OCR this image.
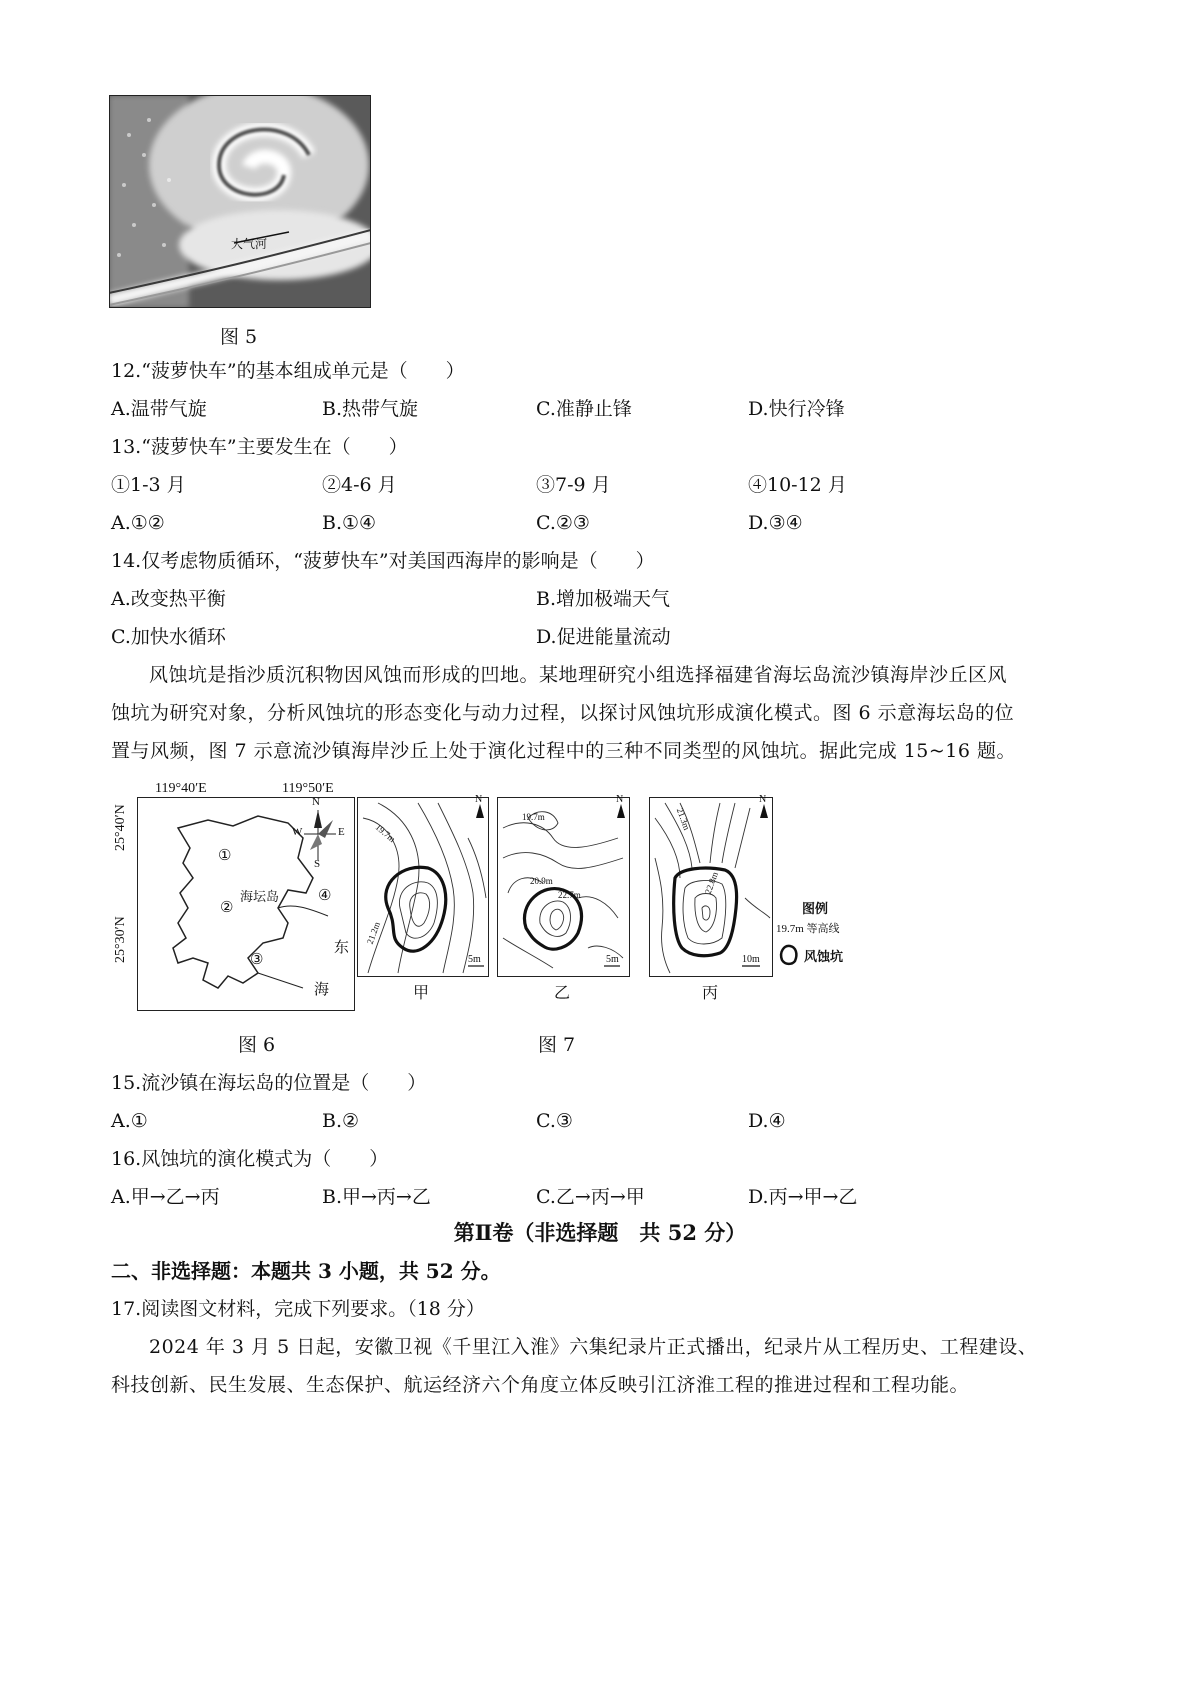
大气河
图 5
12.“菠萝快车”的基本组成单元是（　　）
A.温带气旋	B.热带气旋	C.准静止锋	D.快行冷锋
13.“菠萝快车”主要发生在（　　）
①1-3 月	②4-6 月	③7-9 月	④10-12 月
A.①②	B.①④	C.②③	D.③④
14.仅考虑物质循环，“菠萝快车”对美国西海岸的影响是（　　）
A.改变热平衡	B.增加极端天气
C.加快水循环	D.促进能量流动
风蚀坑是指沙质沉积物因风蚀而形成的凹地。某地理研究小组选择福建省海坛岛流沙镇海岸沙丘区风
蚀坑为研究对象，分析风蚀坑的形态变化与动力过程，以探讨风蚀坑形成演化模式。图 6 示意海坛岛的位
置与风频，图 7 示意流沙镇海岸沙丘上处于演化过程中的三种不同类型的风蚀坑。据此完成 15~16 题。
N
W	E
S
①
②
海坛岛	④
③
东
海
119°40′E	119°50′E
25°40′N
25°30′N
图 6
N
19.7m
21.2m
5m
甲
N
19.7m
20.9m
22.7m
5m
乙
N
21.3m
22.8m
10m
丙
图例
19.7m 等高线
风蚀坑
图 7
15.流沙镇在海坛岛的位置是（　　）
A.①	B.②	C.③	D.④
16.风蚀坑的演化模式为（　　）
A.甲→乙→丙	B.甲→丙→乙	C.乙→丙→甲	D.丙→甲→乙
第Ⅱ卷（非选择题　共 52 分）
二、非选择题：本题共 3 小题，共 52 分。
17.阅读图文材料，完成下列要求。（18 分）
2024 年 3 月 5 日起，安徽卫视《千里江入淮》六集纪录片正式播出，纪录片从工程历史、工程建设、
科技创新、民生发展、生态保护、航运经济六个角度立体反映引江济淮工程的推进过程和工程功能。
